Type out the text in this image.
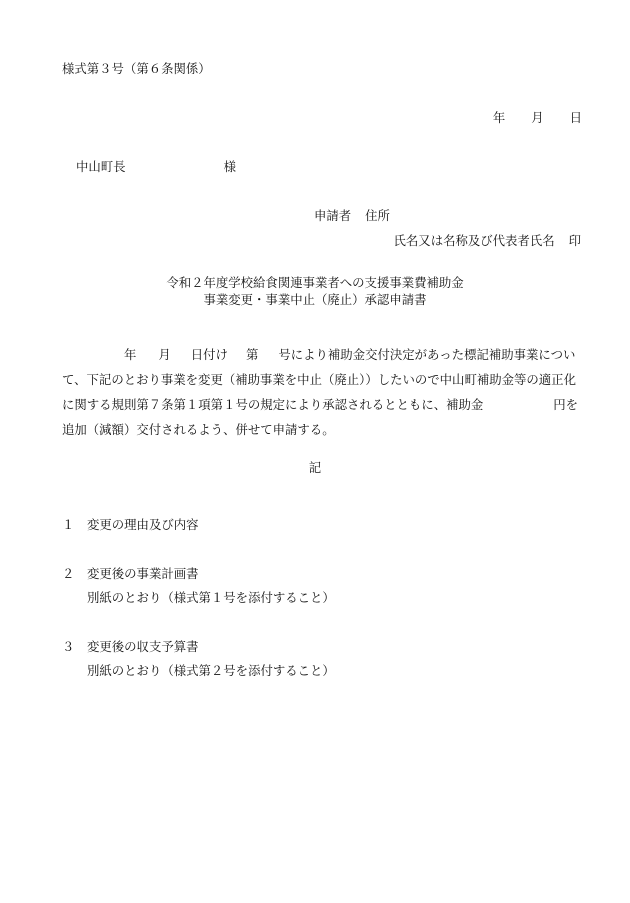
様式第３号（第６条関係）
年 月 日
中山町長	様
申請者 住所
氏名又は名称及び代表者氏名 印
令和２年度学校給食関連事業者への支援事業費補助金
事業変更・事業中止（廃止）承認申請書
年 月 日付け 第 号により補助金交付決定があった標記補助事業について、下記のとおり事業を変更（補助事業を中止（廃止））したいので中山町補助金等の適正化に関する規則第７条第１項第１号の規定により承認されるとともに、補助金	円を追加（減額）交付されるよう、併せて申請する。
記
１ 変更の理由及び内容
２ 変更後の事業計画書
別紙のとおり（様式第１号を添付すること）
３ 変更後の収支予算書
別紙のとおり（様式第２号を添付すること）
